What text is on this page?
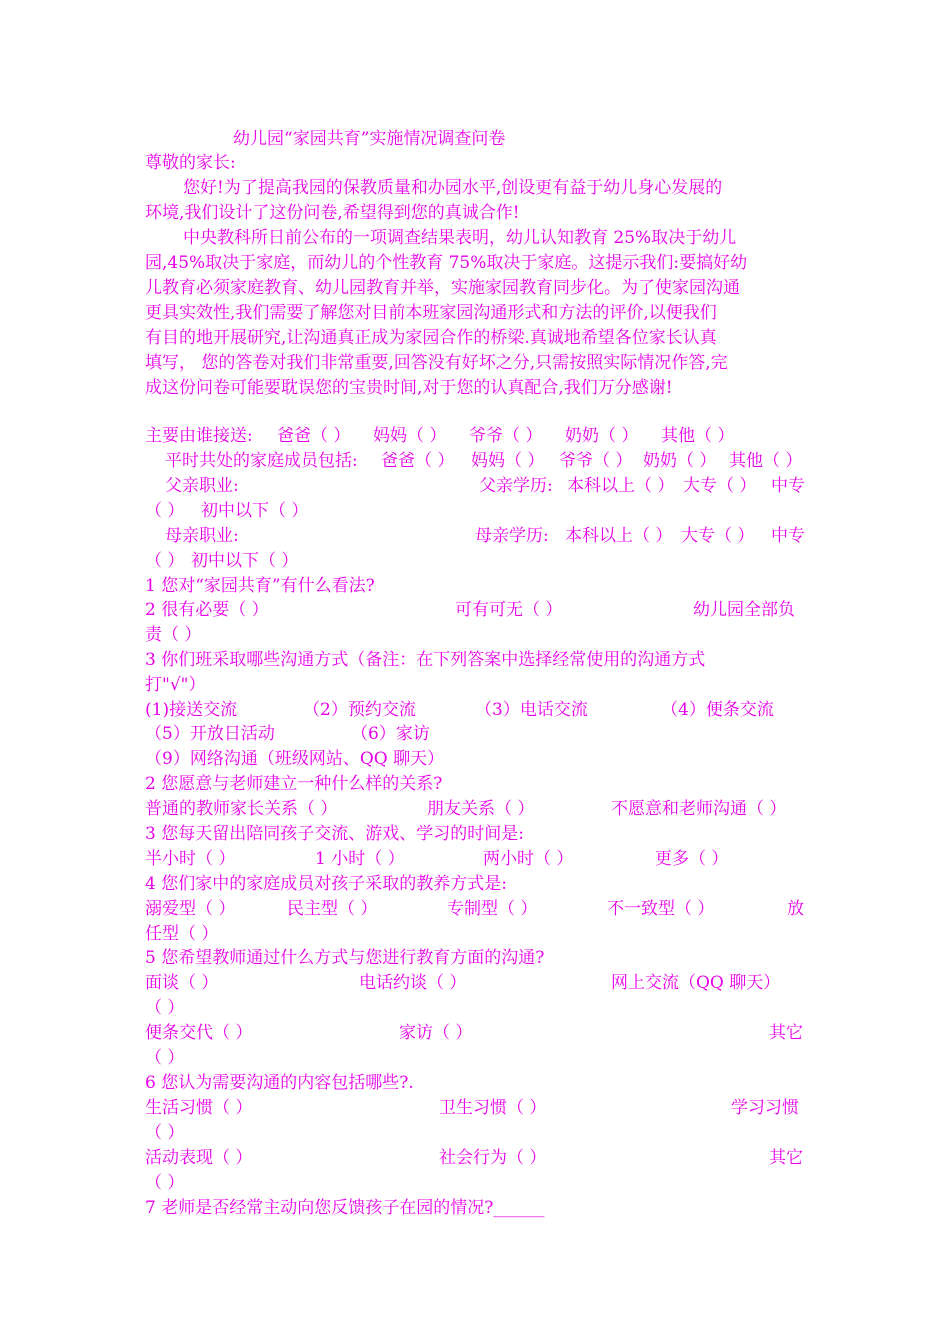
幼儿园“家园共育”实施情况调查问卷
尊敬的家长:
您好!为了提高我园的保教质量和办园水平,创设更有益于幼儿身心发展的
环境,我们设计了这份问卷,希望得到您的真诚合作!
中央教科所日前公布的一项调查结果表明，幼儿认知教育 25%取决于幼儿
园,45%取决于家庭，而幼儿的个性教育 75%取决于家庭。这提示我们:要搞好幼
儿教育必须家庭教育、幼儿园教育并举，实施家园教育同步化。为了使家园沟通
更具实效性,我们需要了解您对目前本班家园沟通形式和方法的评价,以便我们
有目的地开展研究,让沟通真正成为家园合作的桥梁.真诚地希望各位家长认真
填写， 您的答卷对我们非常重要,回答没有好坏之分,只需按照实际情况作答,完
成这份问卷可能要耽误您的宝贵时间,对于您的认真配合,我们万分感谢!
主要由谁接送: 爸爸（ ） 妈妈（ ） 爷爷（ ） 奶奶（ ） 其他（ ）
平时共处的家庭成员包括: 爸爸（ ） 妈妈（ ） 爷爷（ ） 奶奶（ ） 其他（ ）
父亲职业:	父亲学历: 本科以上（ ） 大专（ ） 中专
（ ） 初中以下（ ）
母亲职业:	母亲学历: 本科以上（ ） 大专（ ） 中专
（ ） 初中以下（ ）
1 您对“家园共育”有什么看法?
2 很有必要（ ）	可有可无（ ）	幼儿园全部负
责（ ）
3 你们班采取哪些沟通方式（备注：在下列答案中选择经常使用的沟通方式
打"√"）
(1)接送交流	（2）预约交流	（3）电话交流	（4）便条交流
（5）开放日活动	（6）家访
（9）网络沟通（班级网站、QQ 聊天）
2 您愿意与老师建立一种什么样的关系?
普通的教师家长关系（ ）	朋友关系（ ）	不愿意和老师沟通（ ）
3 您每天留出陪同孩子交流、游戏、学习的时间是:
半小时（ ）	1 小时（ ）	两小时（ ）	更多（ ）
4 您们家中的家庭成员对孩子采取的教养方式是:
溺爱型（ ）	民主型（ ）	专制型（ ）	不一致型（ ）	放
任型（ ）
5 您希望教师通过什么方式与您进行教育方面的沟通?
面谈（ ）	电话约谈（ ）	网上交流（QQ 聊天）
（ ）
便条交代（ ）	家访（ ）	其它
（ ）
6 您认为需要沟通的内容包括哪些?.
生活习惯（ ）	卫生习惯（ ）	学习习惯
（ ）
活动表现（ ）	社会行为（ ）	其它
（ ）
7 老师是否经常主动向您反馈孩子在园的情况?______
